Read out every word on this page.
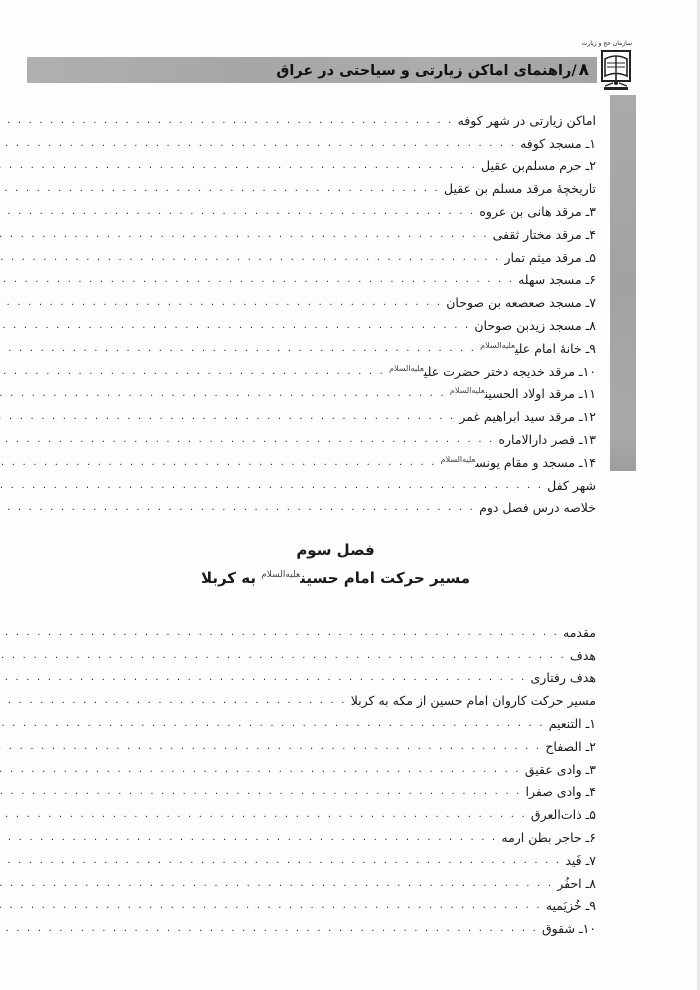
۸/راهنمای اماکن زیارتی و سیاحتی در عراق
سازمان حج و زیارت
اماکن زیارتی در شهر کوفه
. . .
۱ـ مسجد کوفه
. . .
۲ـ حرم مسلم‌بن عقیل
. . .
تاریخچهٔ مرقد مسلم بن عقیل
. . .
۳ـ مرقد هانی بن عروه
. . .
۴ـ مرقد مختار ثقفی
. . .
۵ـ مرقد میثم تمار
. . .
۶ـ مسجد سهله
. . .
۷ـ مسجد صعصعه بن صوحان
. . .
۸ـ مسجد زیدبن صوحان
. . .
۹ـ خانهٔ امام علی$^{علیه‌السلام}$
. . .
۱۰ـ مرقد خدیجه دختر حضرت علی$^{علیه‌السلام}$
. . .
۱۱ـ مرقد اولاد الحسین$^{علیه‌السلام}$
. . .
۱۲ـ مرقد سید ابراهیم غمر
. . .
۱۳ـ قصر دارالاماره
. . .
۱۴ـ مسجد و مقام یونس$^{علیه‌السلام}$
. . .
شهر کفل
. . .
خلاصه درس فصل دوم
. . .
فصل سوم
مسیر حرکت امام حسین$^{علیه‌السلام}$ به کربلا
مقدمه
. . .
هدف
. . .
هدف رفتاری
. . .
مسیر حرکت کاروان امام حسین از مکه به کربلا
. . .
۱ـ التنعیم
. . .
۲ـ الصفاح
. . .
۳ـ وادی عقیق
. . .
۴ـ وادی صفرا
. . .
۵ـ ذات‌العرق
. . .
۶ـ حاجر بطن ارمه
. . .
۷ـ فَید
. . .
۸ـ احفُر
. . .
۹ـ خُزیَمیه
. . .
۱۰ـ شقوق
. . .
